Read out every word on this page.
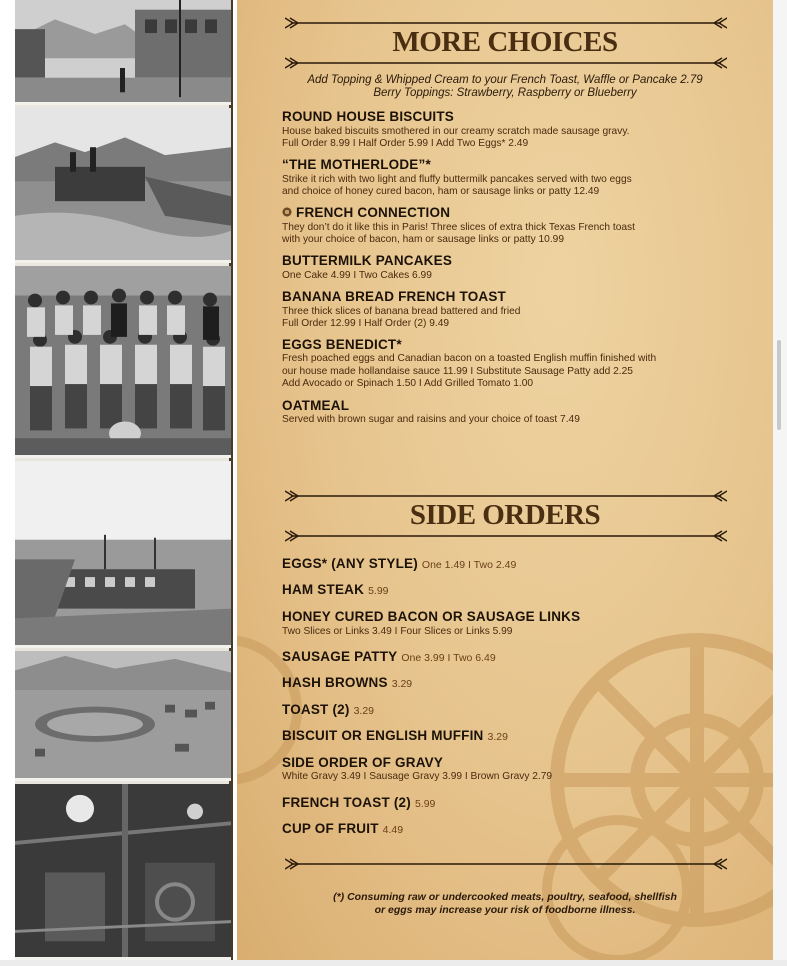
MORE CHOICES
Add Topping & Whipped Cream to your French Toast, Waffle or Pancake 2.79
Berry Toppings: Strawberry, Raspberry or Blueberry
ROUND HOUSE BISCUITS
House baked biscuits smothered in our creamy scratch made sausage gravy.
Full Order 8.99 I Half Order 5.99 I Add Two Eggs* 2.49
“THE MOTHERLODE”*
Strike it rich with two light and fluffy buttermilk pancakes served with two eggs
and choice of honey cured bacon, ham or sausage links or patty 12.49
FRENCH CONNECTION
They don’t do it like this in Paris! Three slices of extra thick Texas French toast
with your choice of bacon, ham or sausage links or patty 10.99
BUTTERMILK PANCAKES
One Cake 4.99 I Two Cakes 6.99
BANANA BREAD FRENCH TOAST
Three thick slices of banana bread battered and fried
Full Order 12.99 I Half Order (2) 9.49
EGGS BENEDICT*
Fresh poached eggs and Canadian bacon on a toasted English muffin finished with
our house made hollandaise sauce 11.99 I Substitute Sausage Patty add 2.25
Add Avocado or Spinach 1.50 I Add Grilled Tomato 1.00
OATMEAL
Served with brown sugar and raisins and your choice of toast 7.49
SIDE ORDERS
EGGS* (ANY STYLE) One 1.49 I Two 2.49
HAM STEAK 5.99
HONEY CURED BACON OR SAUSAGE LINKS
Two Slices or Links 3.49 I Four Slices or Links 5.99
SAUSAGE PATTY One 3.99 I Two 6.49
HASH BROWNS 3.29
TOAST (2) 3.29
BISCUIT OR ENGLISH MUFFIN 3.29
SIDE ORDER OF GRAVY
White Gravy 3.49 I Sausage Gravy 3.99 I Brown Gravy 2.79
FRENCH TOAST (2) 5.99
CUP OF FRUIT 4.49
(*) Consuming raw or undercooked meats, poultry, seafood, shellfish
or eggs may increase your risk of foodborne illness.
